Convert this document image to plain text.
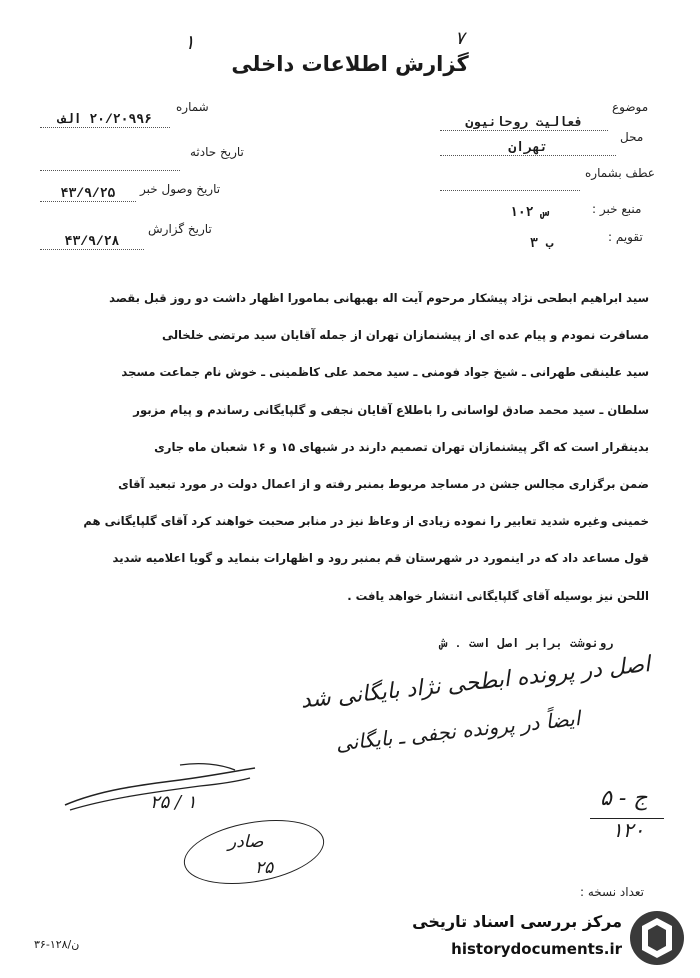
۱	۷
گزارش اطلاعات داخلی
شماره
۲۰/۲۰۹۹۶ الف
تاریخ حادثه
تاریخ وصول خبر
۴۳/۹/۲۵
تاریخ گزارش
۴۳/۹/۲۸
موضوع
فعالیت روحانیون
محل
تهران
عطف بشماره
منبع خبر :
س ۱۰۲
تقویم :
ب ۳

سید ابراهیم ابطحی نژاد پیشکار مرحوم آیت اله بهبهانی بمامورا اظهار داشت دو روز قبل بقصد

مسافرت نمودم و پیام عده ای از پیشنمازان تهران از جمله آقایان سید مرتضی خلخالی

سید علینقی طهرانی ـ شیخ جواد فومنی ـ سید محمد علی کاظمینی ـ خوش نام جماعت مسجد

سلطان ـ سید محمد صادق لواسانی را باطلاع آقایان نجفی و گلپایگانی رساندم و پیام مزبور

بدینقرار است که اگر پیشنمازان تهران تصمیم دارند در شبهای ۱۵ و ۱۶ شعبان ماه جاری

ضمن برگزاری مجالس جشن در مساجد مربوط بمنبر رفته و از اعمال دولت در مورد تبعید آقای

خمینی وغیره شدید تعابیر را نموده زیادی از وعاظ نیز در منابر صحبت خواهند کرد آقای گلپایگانی هم

قول مساعد داد که در اینمورد در شهرستان قم بمنبر رود و اظهارات بنماید و گویا اعلامیه شدید

اللحن نیز بوسیله آقای گلپایگانی انتشار خواهد یافت .

رونوشت برابر اصل است . ش
اصل در پرونده ابطحی نژاد بایگانی شد
ایضاً در پرونده نجفی ـ بایگانی
۲۵ / ۱
صادر
۲۵
ج - ۵
۱۲۰
تعداد نسخه :
ن/۱۲۸-۳۶
مرکز بررسی اسناد تاریخی
historydocuments.ir
